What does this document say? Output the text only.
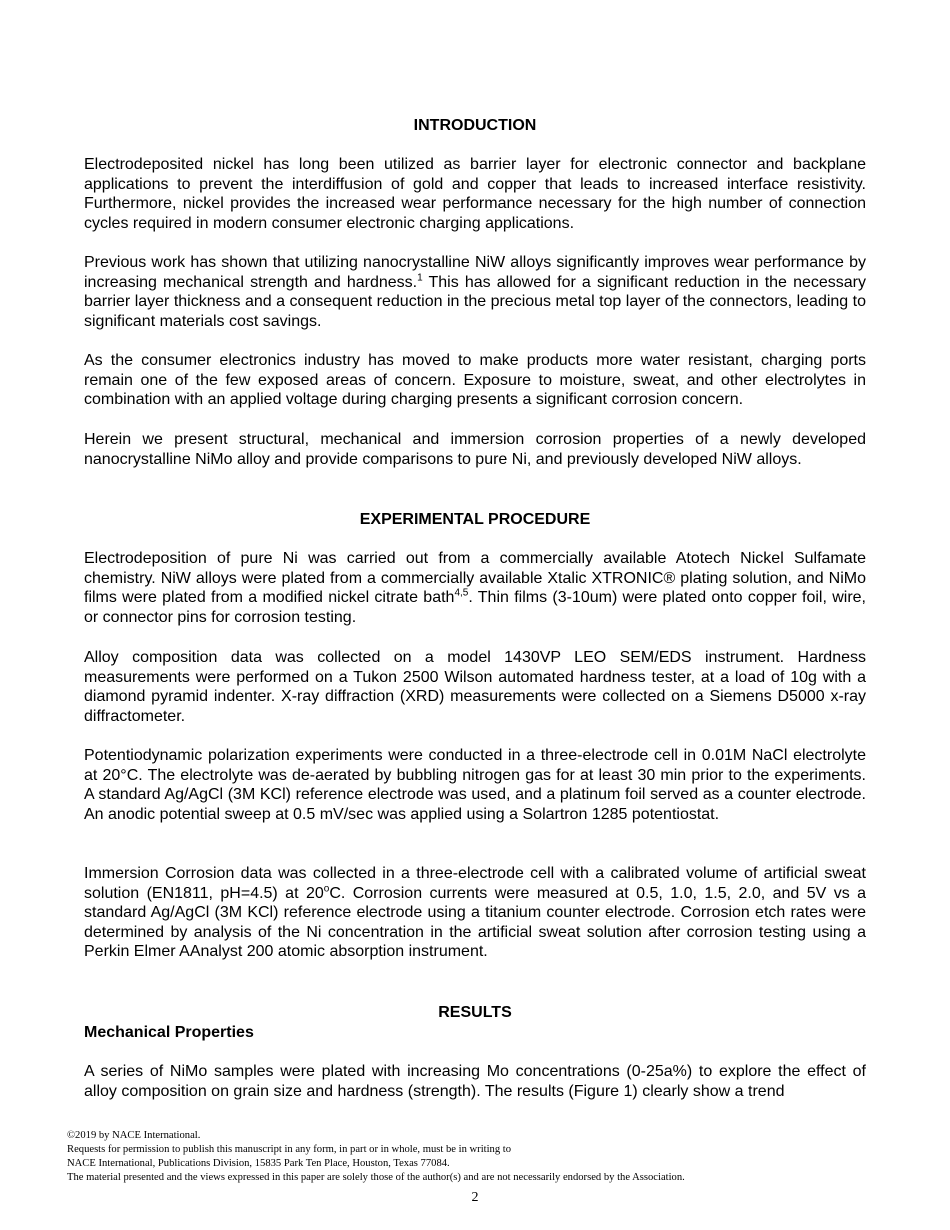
INTRODUCTION

Electrodeposited nickel has long been utilized as barrier layer for electronic connector and backplane applications to prevent the interdiffusion of gold and copper that leads to increased interface resistivity. Furthermore, nickel provides the increased wear performance necessary for the high number of connection cycles required in modern consumer electronic charging applications.

Previous work has shown that utilizing nanocrystalline NiW alloys significantly improves wear performance by increasing mechanical strength and hardness.$^1$ This has allowed for a significant reduction in the necessary barrier layer thickness and a consequent reduction in the precious metal top layer of the connectors, leading to significant materials cost savings.

As the consumer electronics industry has moved to make products more water resistant, charging ports remain one of the few exposed areas of concern. Exposure to moisture, sweat, and other electrolytes in combination with an applied voltage during charging presents a significant corrosion concern.

Herein we present structural, mechanical and immersion corrosion properties of a newly developed nanocrystalline NiMo alloy and provide comparisons to pure Ni, and previously developed NiW alloys.

EXPERIMENTAL PROCEDURE

Electrodeposition of pure Ni was carried out from a commercially available Atotech Nickel Sulfamate chemistry. NiW alloys were plated from a commercially available Xtalic XTRONIC® plating solution, and NiMo films were plated from a modified nickel citrate bath$^{4,5}$. Thin films (3-10um) were plated onto copper foil, wire, or connector pins for corrosion testing.

Alloy composition data was collected on a model 1430VP LEO SEM/EDS instrument. Hardness measurements were performed on a Tukon 2500 Wilson automated hardness tester, at a load of 10g with a diamond pyramid indenter. X-ray diffraction (XRD) measurements were collected on a Siemens D5000 x-ray diffractometer.

Potentiodynamic polarization experiments were conducted in a three-electrode cell in 0.01M NaCl electrolyte at 20°C. The electrolyte was de-aerated by bubbling nitrogen gas for at least 30 min prior to the experiments. A standard Ag/AgCl (3M KCl) reference electrode was used, and a platinum foil served as a counter electrode. An anodic potential sweep at 0.5 mV/sec was applied using a Solartron 1285 potentiostat.

Immersion Corrosion data was collected in a three-electrode cell with a calibrated volume of artificial sweat solution (EN1811, pH=4.5) at 20$^o$C. Corrosion currents were measured at 0.5, 1.0, 1.5, 2.0, and 5V vs a standard Ag/AgCl (3M KCl) reference electrode using a titanium counter electrode. Corrosion etch rates were determined by analysis of the Ni concentration in the artificial sweat solution after corrosion testing using a Perkin Elmer AAnalyst 200 atomic absorption instrument.

RESULTS
Mechanical Properties

A series of NiMo samples were plated with increasing Mo concentrations (0-25a%) to explore the effect of alloy composition on grain size and hardness (strength). The results (Figure 1) clearly show a trend

©2019 by NACE International.
Requests for permission to publish this manuscript in any form, in part or in whole, must be in writing to
NACE International, Publications Division, 15835 Park Ten Place, Houston, Texas 77084.
The material presented and the views expressed in this paper are solely those of the author(s) and are not necessarily endorsed by the Association.
2
